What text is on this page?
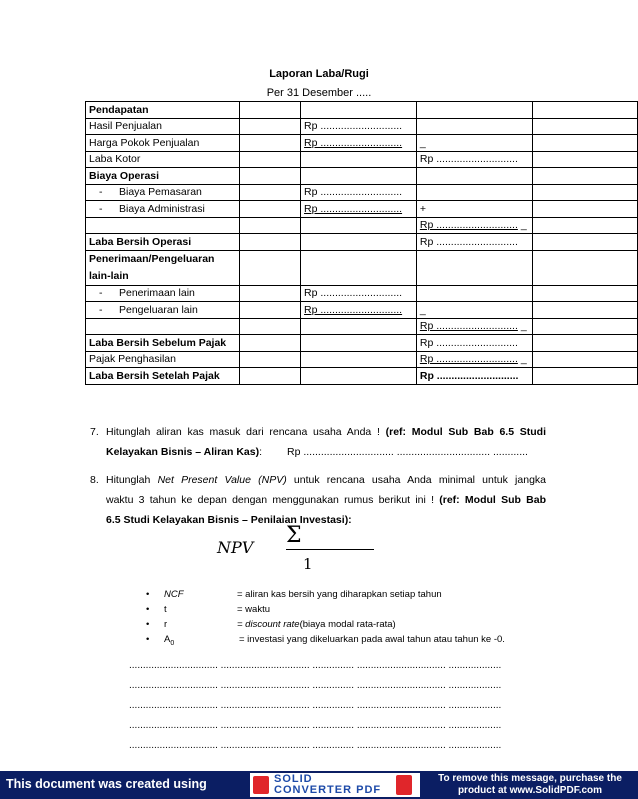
Laporan Laba/Rugi
Per 31 Desember .....
Pendapatan				
Hasil Penjualan		Rp ............................		
Harga Pokok Penjualan		Rp ............................	_	
Laba Kotor			Rp ............................	
Biaya Operasi				
- Biaya Pemasaran		Rp ............................		
- Biaya Administrasi		Rp ............................	+	
			Rp ............................ _	
Laba Bersih Operasi			Rp ............................	
Penerimaan/Pengeluaran
lain-lain				
- Penerimaan lain		Rp ............................		
- Pengeluaran lain		Rp ............................	_	
			Rp ............................ _	
Laba Bersih Sebelum Pajak			Rp ............................	
Pajak Penghasilan			Rp ............................ _	
Laba Bersih Setelah Pajak			Rp ............................	
7. Hitunglah aliran kas masuk dari rencana usaha Anda ! (ref: Modul Sub Bab 6.5 Studi
Kelayakan Bisnis – Aliran Kas): Rp ............................... ................................ ............
8. Hitunglah Net Present Value (NPV) untuk rencana usaha Anda minimal untuk jangka
waktu 3 tahun ke depan dengan menggunakan rumus berikut ini ! (ref: Modul Sub Bab
6.5 Studi Kelayakan Bisnis – Penilaian Investasi):
NPV Σ
1
• NCF	= aliran kas bersih yang diharapkan setiap tahun
• t	= waktu
• r	= discount rate(biaya modal rata-rata)
• $A_0$	= investasi yang dikeluarkan pada awal tahun atau tahun ke -0.
................................ ................................ ............... ................................ ...................
................................ ................................ ............... ................................ ...................
................................ ................................ ............... ................................ ...................
................................ ................................ ............... ................................ ...................
................................ ................................ ............... ................................ ...................
This document was created using	SOLID
CONVERTER PDF
To remove this message, purchase the
product at www.SolidPDF.com
